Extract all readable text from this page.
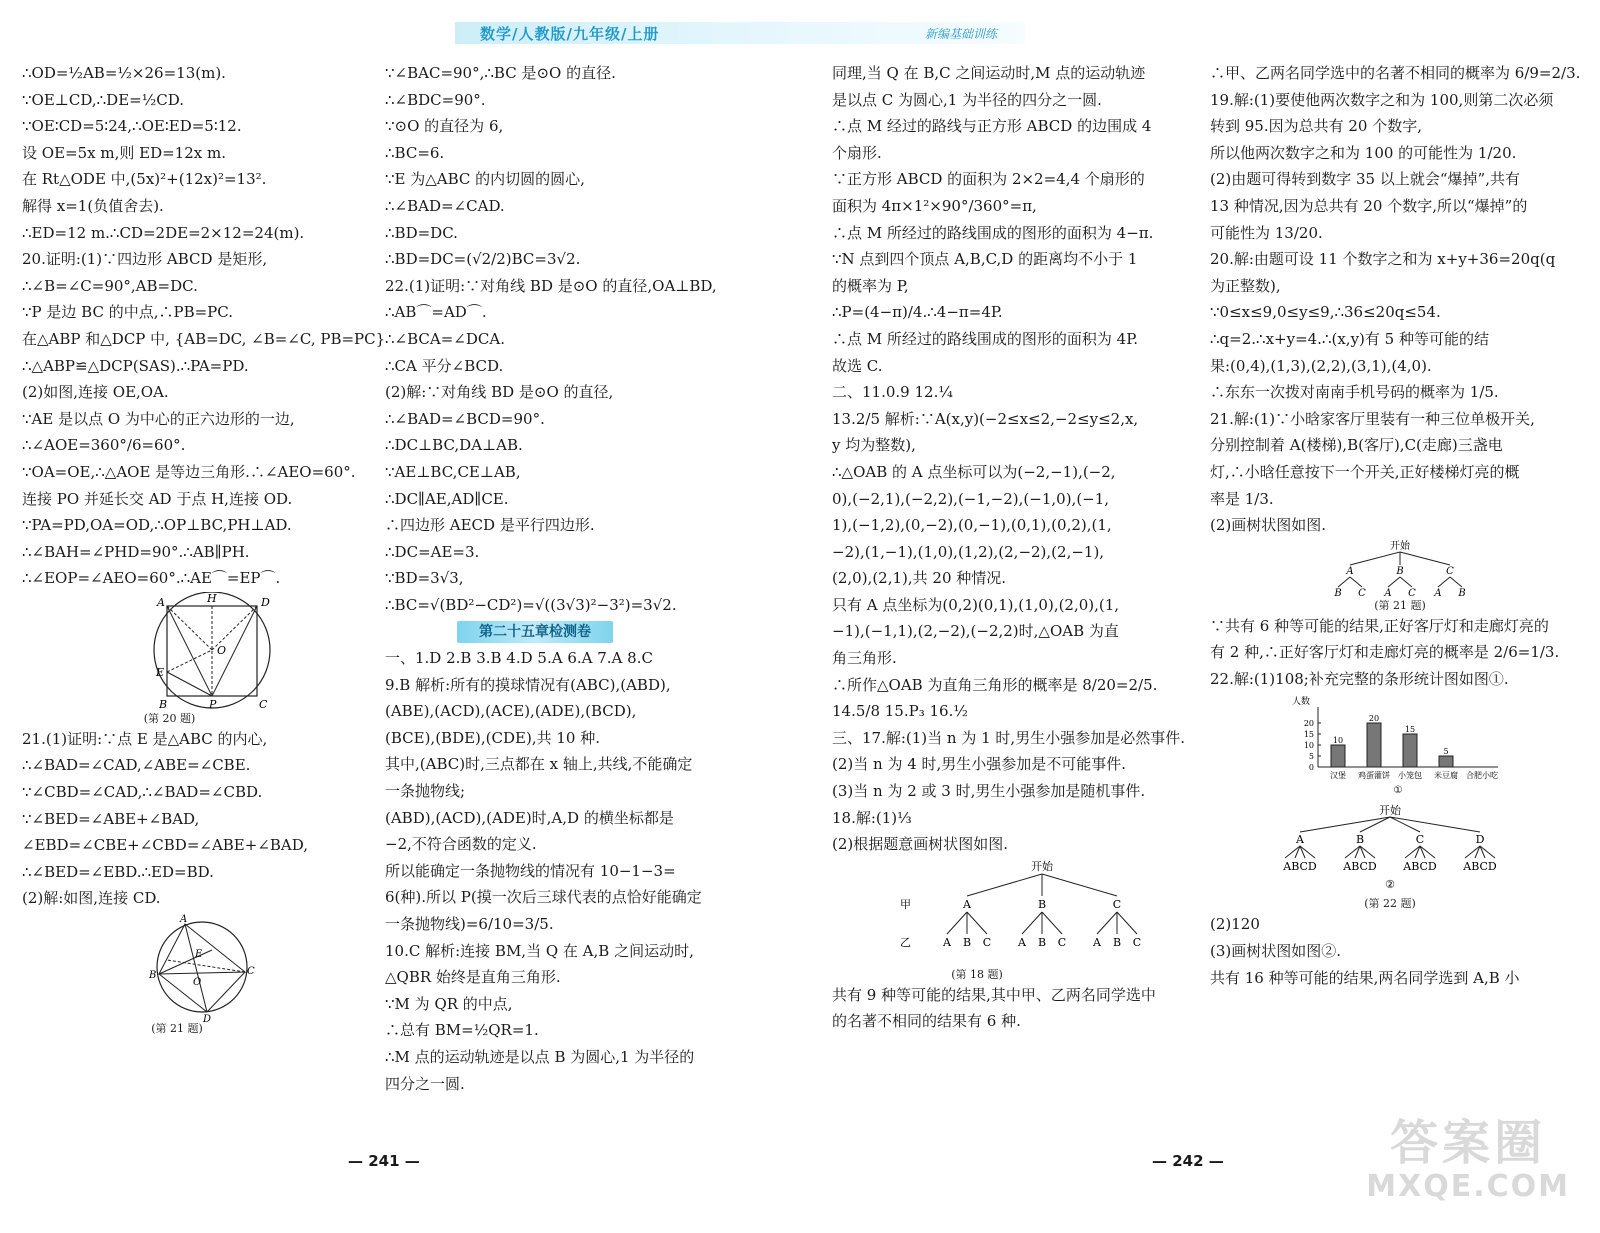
数学/人教版/九年级/上册	新编基础训练
∴OD=½AB=½×26=13(m).
∵OE⊥CD,∴DE=½CD.
∵OE∶CD=5∶24,∴OE∶ED=5∶12.
设 OE=5x m,则 ED=12x m.
在 Rt△ODE 中,(5x)²+(12x)²=13².
解得 x=1(负值舍去).
∴ED=12 m.∴CD=2DE=2×12=24(m).
20.证明:(1)∵四边形 ABCD 是矩形,
∴∠B=∠C=90°,AB=DC.
∵P 是边 BC 的中点,∴PB=PC.
在△ABP 和△DCP 中, {AB=DC, ∠B=∠C, PB=PC}
∴△ABP≌△DCP(SAS).∴PA=PD.
(2)如图,连接 OE,OA.
∵AE 是以点 O 为中心的正六边形的一边,
∴∠AOE=360°/6=60°.
∵OA=OE,∴△AOE 是等边三角形.∴∠AEO=60°.
连接 PO 并延长交 AD 于点 H,连接 OD.
∵PA=PD,OA=OD,∴OP⊥BC,PH⊥AD.
∴∠BAH=∠PHD=90°.∴AB∥PH.
∴∠EOP=∠AEO=60°.∴AE⌒=EP⌒.
A	H	D
O
E
B	P	C
(第 20 题)
21.(1)证明:∵点 E 是△ABC 的内心,
∴∠BAD=∠CAD,∠ABE=∠CBE.
∵∠CBD=∠CAD,∴∠BAD=∠CBD.
∵∠BED=∠ABE+∠BAD,
∠EBD=∠CBE+∠CBD=∠ABE+∠BAD,
∴∠BED=∠EBD.∴ED=BD.
(2)解:如图,连接 CD.
A
B	C
E
O
D
(第 21 题)
∵∠BAC=90°,∴BC 是⊙O 的直径.
∴∠BDC=90°.
∵⊙O 的直径为 6,
∴BC=6.
∵E 为△ABC 的内切圆的圆心,
∴∠BAD=∠CAD.
∴BD=DC.
∴BD=DC=(√2/2)BC=3√2.
22.(1)证明:∵对角线 BD 是⊙O 的直径,OA⊥BD,
∴AB⌒=AD⌒.
∴∠BCA=∠DCA.
∴CA 平分∠BCD.
(2)解:∵对角线 BD 是⊙O 的直径,
∴∠BAD=∠BCD=90°.
∴DC⊥BC,DA⊥AB.
∵AE⊥BC,CE⊥AB,
∴DC∥AE,AD∥CE.
∴四边形 AECD 是平行四边形.
∴DC=AE=3.
∵BD=3√3,
∴BC=√(BD²−CD²)=√((3√3)²−3²)=3√2.
第二十五章检测卷
一、1.D 2.B 3.B 4.D 5.A 6.A 7.A 8.C
9.B 解析:所有的摸球情况有(ABC),(ABD),
(ABE),(ACD),(ACE),(ADE),(BCD),
(BCE),(BDE),(CDE),共 10 种.
其中,(ABC)时,三点都在 x 轴上,共线,不能确定
一条抛物线;
(ABD),(ACD),(ADE)时,A,D 的横坐标都是
−2,不符合函数的定义.
所以能确定一条抛物线的情况有 10−1−3=
6(种).所以 P(摸一次后三球代表的点恰好能确定
一条抛物线)=6/10=3/5.
10.C 解析:连接 BM,当 Q 在 A,B 之间运动时,
△QBR 始终是直角三角形.
∵M 为 QR 的中点,
∴总有 BM=½QR=1.
∴M 点的运动轨迹是以点 B 为圆心,1 为半径的
四分之一圆.
同理,当 Q 在 B,C 之间运动时,M 点的运动轨迹
是以点 C 为圆心,1 为半径的四分之一圆.
∴点 M 经过的路线与正方形 ABCD 的边围成 4
个扇形.
∵正方形 ABCD 的面积为 2×2=4,4 个扇形的
面积为 4π×1²×90°/360°=π,
∴点 M 所经过的路线围成的图形的面积为 4−π.
∵N 点到四个顶点 A,B,C,D 的距离均不小于 1
的概率为 P,
∴P=(4−π)/4.∴4−π=4P.
∴点 M 所经过的路线围成的图形的面积为 4P.
故选 C.
二、11.0.9 12.¼
13.2/5 解析:∵A(x,y)(−2≤x≤2,−2≤y≤2,x,
y 均为整数),
∴△OAB 的 A 点坐标可以为(−2,−1),(−2,
0),(−2,1),(−2,2),(−1,−2),(−1,0),(−1,
1),(−1,2),(0,−2),(0,−1),(0,1),(0,2),(1,
−2),(1,−1),(1,0),(1,2),(2,−2),(2,−1),
(2,0),(2,1),共 20 种情况.
只有 A 点坐标为(0,2)(0,1),(1,0),(2,0),(1,
−1),(−1,1),(2,−2),(−2,2)时,△OAB 为直
角三角形.
∴所作△OAB 为直角三角形的概率是 8/20=2/5.
14.5/8 15.P₃ 16.½
三、17.解:(1)当 n 为 1 时,男生小强参加是必然事件.
(2)当 n 为 4 时,男生小强参加是不可能事件.
(3)当 n 为 2 或 3 时,男生小强参加是随机事件.
18.解:(1)⅓
(2)根据题意画树状图如图.
开始
甲
乙
A
A B C
B
A B C
C
A B C
(第 18 题)
共有 9 种等可能的结果,其中甲、乙两名同学选中
的名著不相同的结果有 6 种.
∴甲、乙两名同学选中的名著不相同的概率为 6/9=2/3.
19.解:(1)要使他两次数字之和为 100,则第二次必须
转到 95.因为总共有 20 个数字,
所以他两次数字之和为 100 的可能性为 1/20.
(2)由题可得转到数字 35 以上就会“爆掉”,共有
13 种情况,因为总共有 20 个数字,所以“爆掉”的
可能性为 13/20.
20.解:由题可设 11 个数字之和为 x+y+36=20q(q
为正整数),
∵0≤x≤9,0≤y≤9,∴36≤20q≤54.
∴q=2.∴x+y=4.∴(x,y)有 5 种等可能的结
果:(0,4),(1,3),(2,2),(3,1),(4,0).
∴东东一次拨对南南手机号码的概率为 1/5.
21.解:(1)∵小晗家客厅里装有一种三位单极开关,
分别控制着 A(楼梯),B(客厅),C(走廊)三盏电
灯,∴小晗任意按下一个开关,正好楼梯灯亮的概
率是 1/3.
(2)画树状图如图.
开始
A
B C
B
A C
C
A B
(第 21 题)
∵共有 6 种等可能的结果,正好客厅灯和走廊灯亮的
有 2 种,∴正好客厅灯和走廊灯亮的概率是 2/6=1/3.
22.解:(1)108;补充完整的条形统计图如图①.
人数
0
5
10
15
20
10
汉堡
20
鸡蛋灌饼
15
小笼包
5
米豆腐 合肥小吃
①
开始
A
ABCD
B
ABCD
C
ABCD
D
ABCD
②
(第 22 题)
(2)120
(3)画树状图如图②.
共有 16 种等可能的结果,两名同学选到 A,B 小
— 241 —	— 242 —	答案圈
MXQE.COM
